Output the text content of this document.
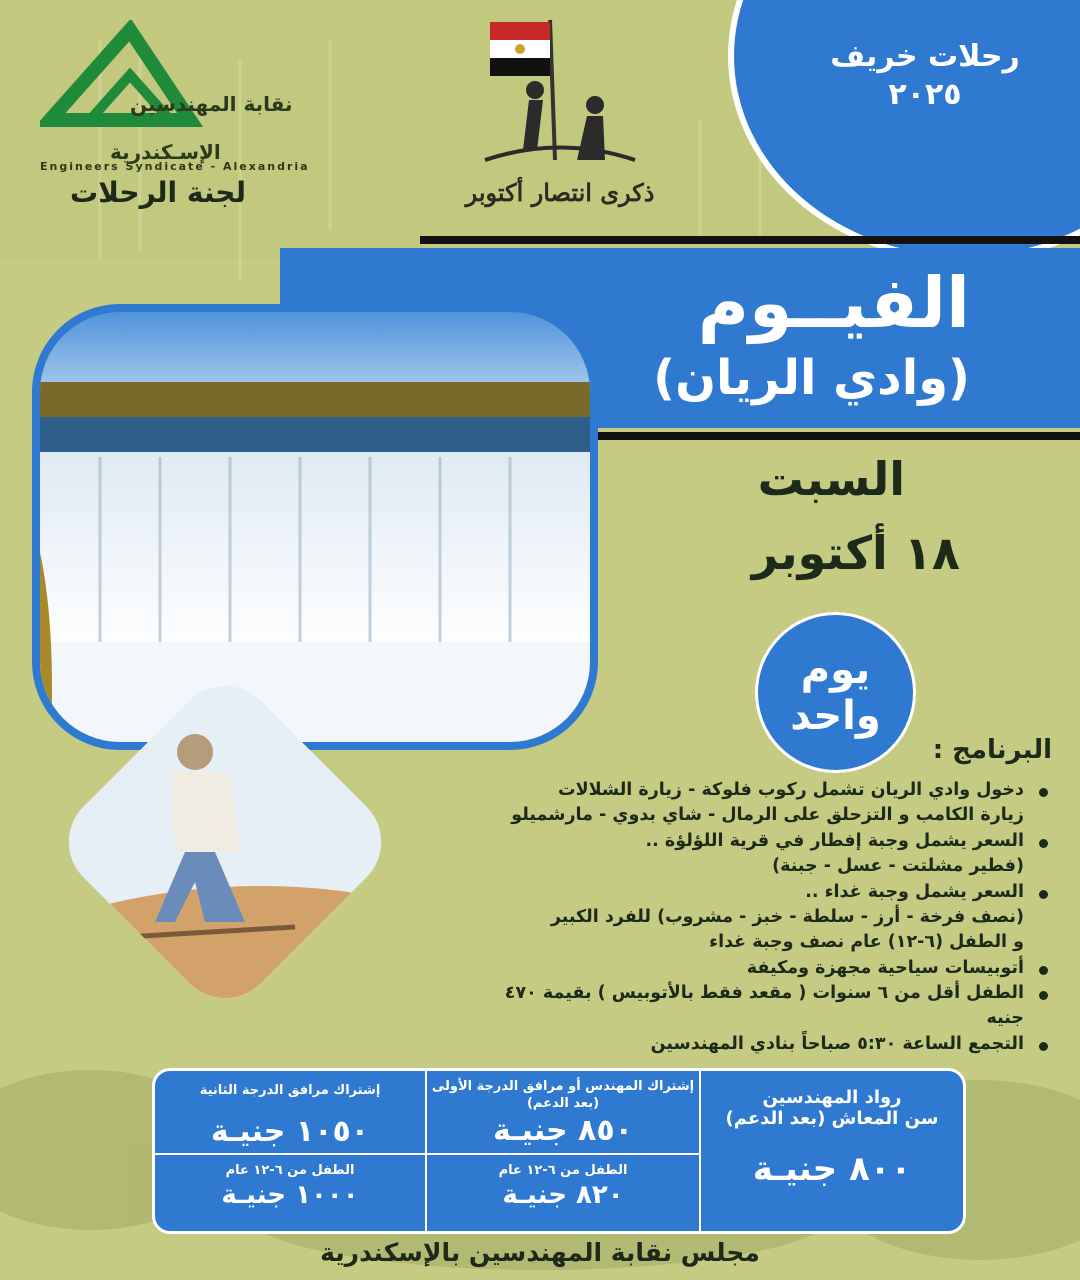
رحلات خريف
٢٠٢٥
نقابة المهندسين
الإسـكندرية
Engineers Syndicate - Alexandria
لجنة الرحلات	ذكرى انتصار أكتوبر
الفيــوم
(وادي الريان)
السبت
١٨ أكتوبر
يوم
واحد
البرنامج :
دخول وادي الريان تشمل ركوب فلوكة - زيارة الشلالات
زيارة الكامب و التزحلق على الرمال - شاي بدوي - مارشميلو
السعر يشمل وجبة إفطار في قرية اللؤلؤة ..
(فطير مشلتت - عسل - جبنة)
السعر يشمل وجبة غداء ..
(نصف فرخة - أرز - سلطة - خبز - مشروب) للفرد الكبير
و الطفل (٦-١٢) عام نصف وجبة غداء
أتوبيسات سياحية مجهزة ومكيفة
الطفل أقل من ٦ سنوات ( مقعد فقط بالأتوبيس ) بقيمة ٤٧٠ جنيه
التجمع الساعة ٥:٣٠ صباحاً بنادي المهندسين
رواد المهندسين
سن المعاش (بعد الدعم)
٨٠٠ جنيـة
إشتراك المهندس أو مرافق الدرجة الأولى
(بعد الدعم)
٨٥٠ جنيـة
إشتراك مرافق الدرجة الثانية
١٠٥٠ جنيـة
الطفل من ٦-١٢ عام
٨٢٠ جنيـة
الطفل من ٦-١٢ عام
١٠٠٠ جنيـة
مجلس نقابة المهندسين بالإسكندرية
